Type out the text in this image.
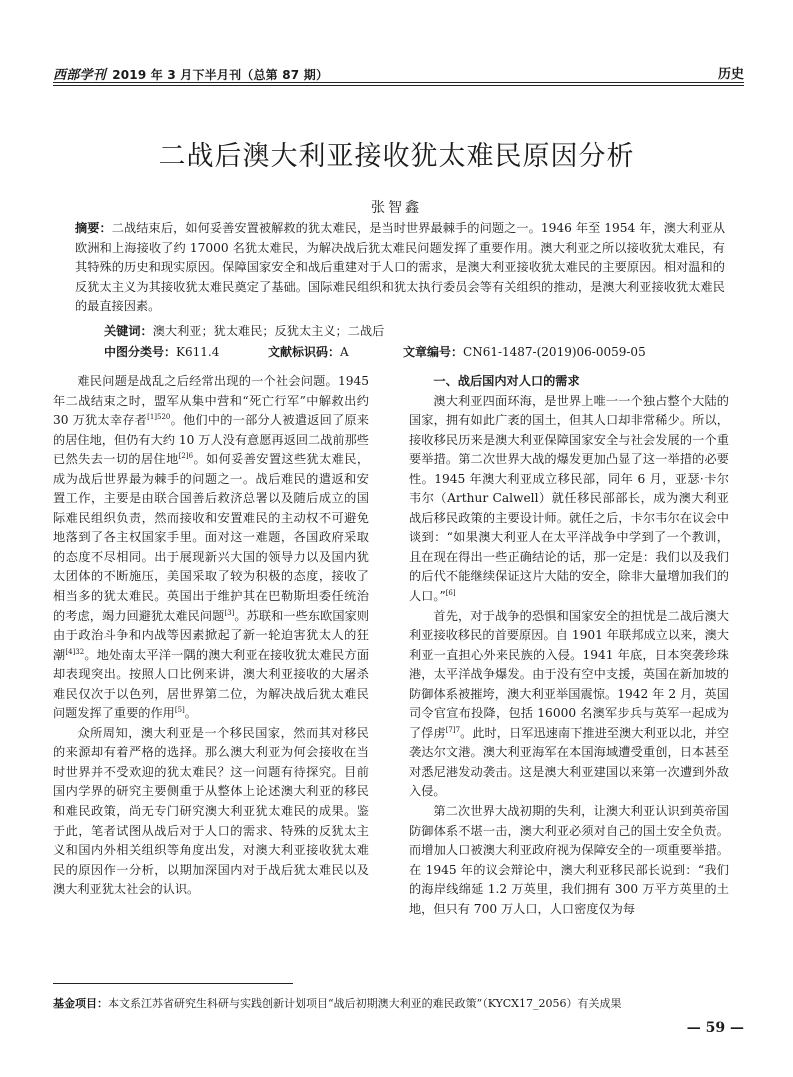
西部学刊 2019 年 3 月下半月刊（总第 87 期）	历史
二战后澳大利亚接收犹太难民原因分析
张智鑫
摘要：二战结束后，如何妥善安置被解救的犹太难民，是当时世界最棘手的问题之一。1946 年至 1954 年，澳大利亚从欧洲和上海接收了约 17000 名犹太难民，为解决战后犹太难民问题发挥了重要作用。澳大利亚之所以接收犹太难民，有其特殊的历史和现实原因。保障国家安全和战后重建对于人口的需求，是澳大利亚接收犹太难民的主要原因。相对温和的反犹太主义为其接收犹太难民奠定了基础。国际难民组织和犹太执行委员会等有关组织的推动，是澳大利亚接收犹太难民的最直接因素。
关键词：澳大利亚；犹太难民；反犹太主义；二战后
中图分类号：K611.4	文献标识码：A	文章编号：CN61-1487-(2019)06-0059-05

难民问题是战乱之后经常出现的一个社会问题。1945 年二战结束之时，盟军从集中营和“死亡行军”中解救出约 30 万犹太幸存者$^{[1]520}$。他们中的一部分人被遣返回了原来的居住地，但仍有大约 10 万人没有意愿再返回二战前那些已然失去一切的居住地$^{[2]6}$。如何妥善安置这些犹太难民，成为战后世界最为棘手的问题之一。战后难民的遣返和安置工作，主要是由联合国善后救济总署以及随后成立的国际难民组织负责，然而接收和安置难民的主动权不可避免地落到了各主权国家手里。面对这一难题，各国政府采取的态度不尽相同。出于展现新兴大国的领导力以及国内犹太团体的不断施压，美国采取了较为积极的态度，接收了相当多的犹太难民。英国出于维护其在巴勒斯坦委任统治的考虑，竭力回避犹太难民问题[3]。苏联和一些东欧国家则由于政治斗争和内战等因素掀起了新一轮迫害犹太人的狂潮$^{[4]32}$。地处南太平洋一隅的澳大利亚在接收犹太难民方面却表现突出。按照人口比例来讲，澳大利亚接收的大屠杀难民仅次于以色列，居世界第二位，为解决战后犹太难民问题发挥了重要的作用[5]。

众所周知，澳大利亚是一个移民国家，然而其对移民的来源却有着严格的选择。那么澳大利亚为何会接收在当时世界并不受欢迎的犹太难民？这一问题有待探究。目前国内学界的研究主要侧重于从整体上论述澳大利亚的移民和难民政策，尚无专门研究澳大利亚犹太难民的成果。鉴于此，笔者试图从战后对于人口的需求、特殊的反犹太主义和国内外相关组织等角度出发，对澳大利亚接收犹太难民的原因作一分析，以期加深国内对于战后犹太难民以及澳大利亚犹太社会的认识。

一、战后国内对人口的需求

澳大利亚四面环海，是世界上唯一一个独占整个大陆的国家，拥有如此广袤的国土，但其人口却非常稀少。所以，接收移民历来是澳大利亚保障国家安全与社会发展的一个重要举措。第二次世界大战的爆发更加凸显了这一举措的必要性。1945 年澳大利亚成立移民部，同年 6 月，亚瑟·卡尔韦尔（Arthur Calwell）就任移民部部长，成为澳大利亚战后移民政策的主要设计师。就任之后，卡尔韦尔在议会中谈到：“如果澳大利亚人在太平洋战争中学到了一个教训，且在现在得出一些正确结论的话，那一定是：我们以及我们的后代不能继续保证这片大陆的安全，除非大量增加我们的人口。”[6]

首先，对于战争的恐惧和国家安全的担忧是二战后澳大利亚接收移民的首要原因。自 1901 年联邦成立以来，澳大利亚一直担心外来民族的入侵。1941 年底，日本突袭珍珠港，太平洋战争爆发。由于没有空中支援，英国在新加坡的防御体系被摧垮，澳大利亚举国震惊。1942 年 2 月，英国司令官宣布投降，包括 16000 名澳军步兵与英军一起成为了俘虏$^{[7]7}$。此时，日军迅速南下推进至澳大利亚以北，并空袭达尔文港。澳大利亚海军在本国海域遭受重创，日本甚至对悉尼港发动袭击。这是澳大利亚建国以来第一次遭到外敌入侵。

第二次世界大战初期的失利，让澳大利亚认识到英帝国防御体系不堪一击，澳大利亚必须对自己的国土安全负责。而增加人口被澳大利亚政府视为保障安全的一项重要举措。在 1945 年的议会辩论中，澳大利亚移民部长说到：“我们的海岸线绵延 1.2 万英里，我们拥有 300 万平方英里的土地，但只有 700 万人口，人口密度仅为每

基金项目：本文系江苏省研究生科研与实践创新计划项目“战后初期澳大利亚的难民政策”（KYCX17_2056）有关成果
— 59 —
